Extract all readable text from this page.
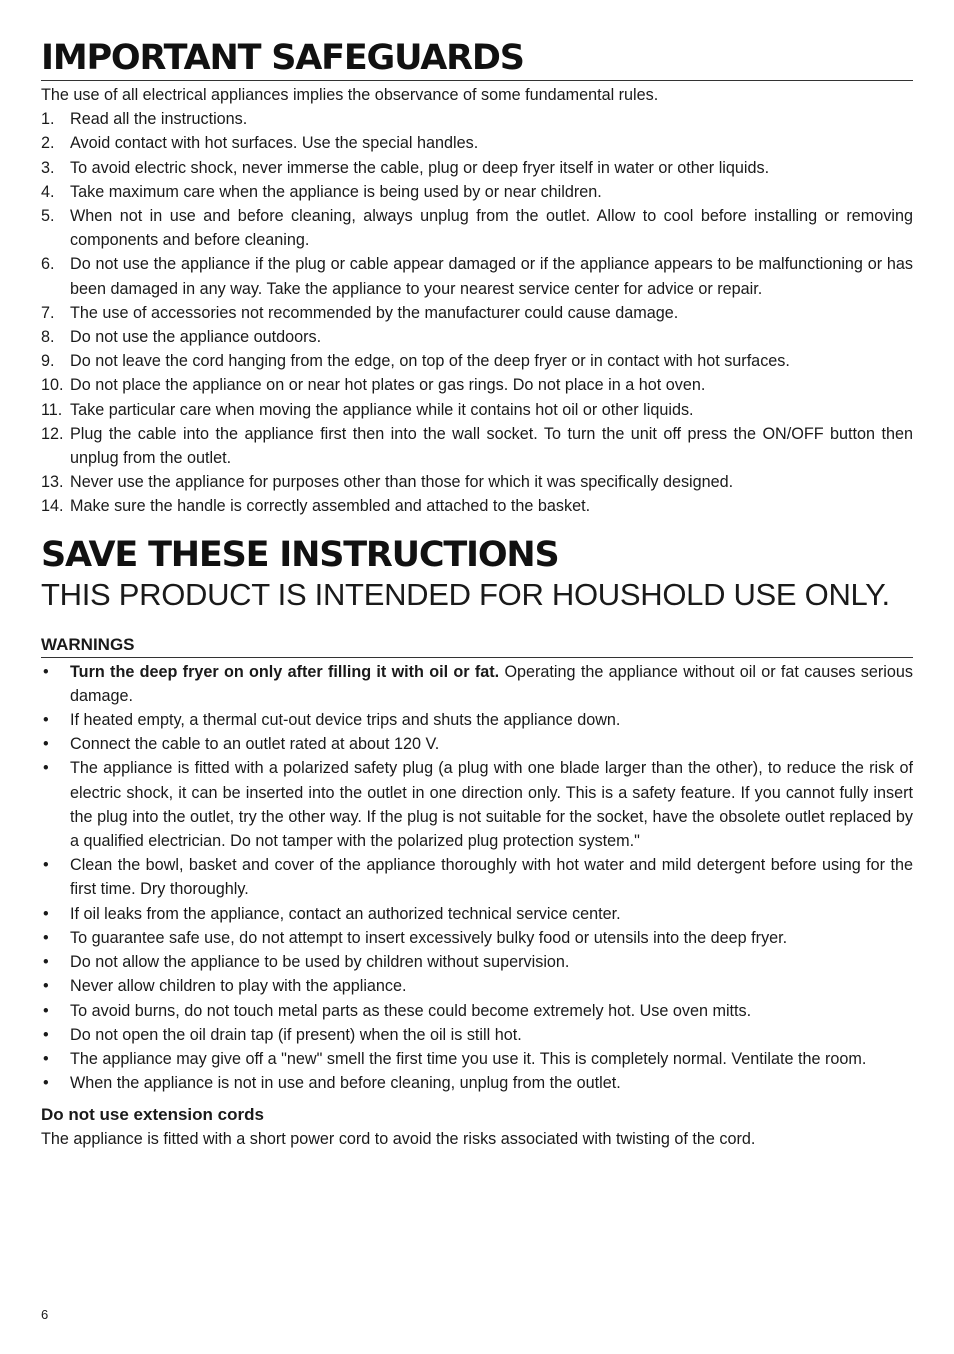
IMPORTANT SAFEGUARDS

The use of all electrical appliances implies the observance of some fundamental rules.

1. Read all the instructions.
2. Avoid contact with hot surfaces. Use the special handles.
3. To avoid electric shock, never immerse the cable, plug or deep fryer itself in water or other liquids.
4. Take maximum care when the appliance is being used by or near children.
5. When not in use and before cleaning, always unplug from the outlet. Allow to cool before installing or removing components and before cleaning.
6. Do not use the appliance if the plug or cable appear damaged or if the appliance appears to be malfunctioning or has been damaged in any way. Take the appliance to your nearest service center for advice or repair.
7. The use of accessories not recommended by the manufacturer could cause damage.
8. Do not use the appliance outdoors.
9. Do not leave the cord hanging from the edge, on top of the deep fryer or in contact with hot surfaces.
10. Do not place the appliance on or near hot plates or gas rings. Do not place in a hot oven.
11. Take particular care when moving the appliance while it contains hot oil or other liquids.
12. Plug the cable into the appliance first then into the wall socket. To turn the unit off press the ON/OFF button then unplug from the outlet.
13. Never use the appliance for purposes other than those for which it was specifically designed.
14. Make sure the handle is correctly assembled and attached to the basket.
SAVE THESE INSTRUCTIONS

THIS PRODUCT IS INTENDED FOR HOUSHOLD USE ONLY.

WARNINGS
• Turn the deep fryer on only after filling it with oil or fat. Operating the appliance without oil or fat causes serious damage.
• If heated empty, a thermal cut-out device trips and shuts the appliance down.
• Connect the cable to an outlet rated at about 120 V.
• The appliance is fitted with a polarized safety plug (a plug with one blade larger than the other), to reduce the risk of electric shock, it can be inserted into the outlet in one direction only. This is a safety feature. If you cannot fully insert the plug into the outlet, try the other way. If the plug is not suitable for the socket, have the obsolete outlet replaced by a qualified electrician. Do not tamper with the polarized plug protection system."
• Clean the bowl, basket and cover of the appliance thoroughly with hot water and mild detergent before using for the first time. Dry thoroughly.
• If oil leaks from the appliance, contact an authorized technical service center.
• To guarantee safe use, do not attempt to insert excessively bulky food or utensils into the deep fryer.
• Do not allow the appliance to be used by children without supervision.
• Never allow children to play with the appliance.
• To avoid burns, do not touch metal parts as these could become extremely hot. Use oven mitts.
• Do not open the oil drain tap (if present) when the oil is still hot.
• The appliance may give off a "new" smell the first time you use it. This is completely normal. Ventilate the room.
• When the appliance is not in use and before cleaning, unplug from the outlet.
Do not use extension cords

The appliance is fitted with a short power cord to avoid the risks associated with twisting of the cord.

6
